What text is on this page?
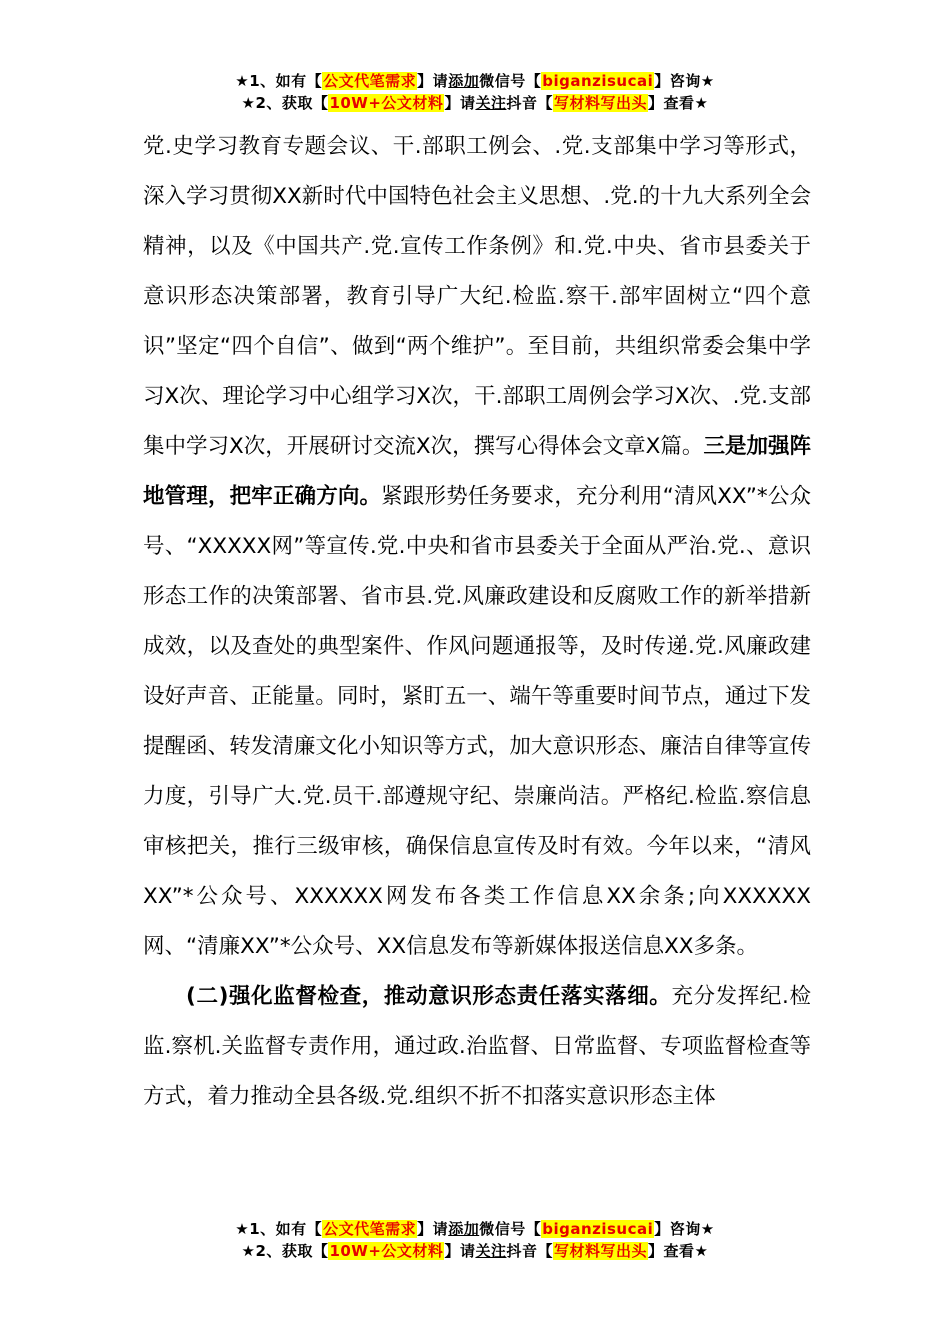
★1、如有【公文代笔需求】请添加微信号【biganzisucai】咨询★
★2、获取【10W+公文材料】请关注抖音【写材料写出头】查看★

党.史学习教育专题会议、干.部职工例会、.党.支部集中学习等形式，深入学习贯彻XX新时代中国特色社会主义思想、.党.的十九大系列全会精神，以及《中国共产.党.宣传工作条例》和.党.中央、省市县委关于意识形态决策部署，教育引导广大纪.检监.察干.部牢固树立“四个意识”坚定“四个自信”、做到“两个维护”。至目前，共组织常委会集中学习X次、理论学习中心组学习X次，干.部职工周例会学习X次、.党.支部集中学习X次，开展研讨交流X次，撰写心得体会文章X篇。三是加强阵地管理，把牢正确方向。紧跟形势任务要求，充分利用“清风XX”*公众号、“XXXXX网”等宣传.党.中央和省市县委关于全面从严治.党.、意识形态工作的决策部署、省市县.党.风廉政建设和反腐败工作的新举措新成效，以及查处的典型案件、作风问题通报等，及时传递.党.风廉政建设好声音、正能量。同时，紧盯五一、端午等重要时间节点，通过下发提醒函、转发清廉文化小知识等方式，加大意识形态、廉洁自律等宣传力度，引导广大.党.员干.部遵规守纪、崇廉尚洁。严格纪.检监.察信息审核把关，推行三级审核，确保信息宣传及时有效。今年以来，“清风XX”*公众号、XXXXXX网发布各类工作信息XX余条;向XXXXXX网、“清廉XX”*公众号、XX信息发布等新媒体报送信息XX多条。

(二)强化监督检查，推动意识形态责任落实落细。充分发挥纪.检监.察机.关监督专责作用，通过政.治监督、日常监督、专项监督检查等方式，着力推动全县各级.党.组织不折不扣落实意识形态主体

★1、如有【公文代笔需求】请添加微信号【biganzisucai】咨询★
★2、获取【10W+公文材料】请关注抖音【写材料写出头】查看★
